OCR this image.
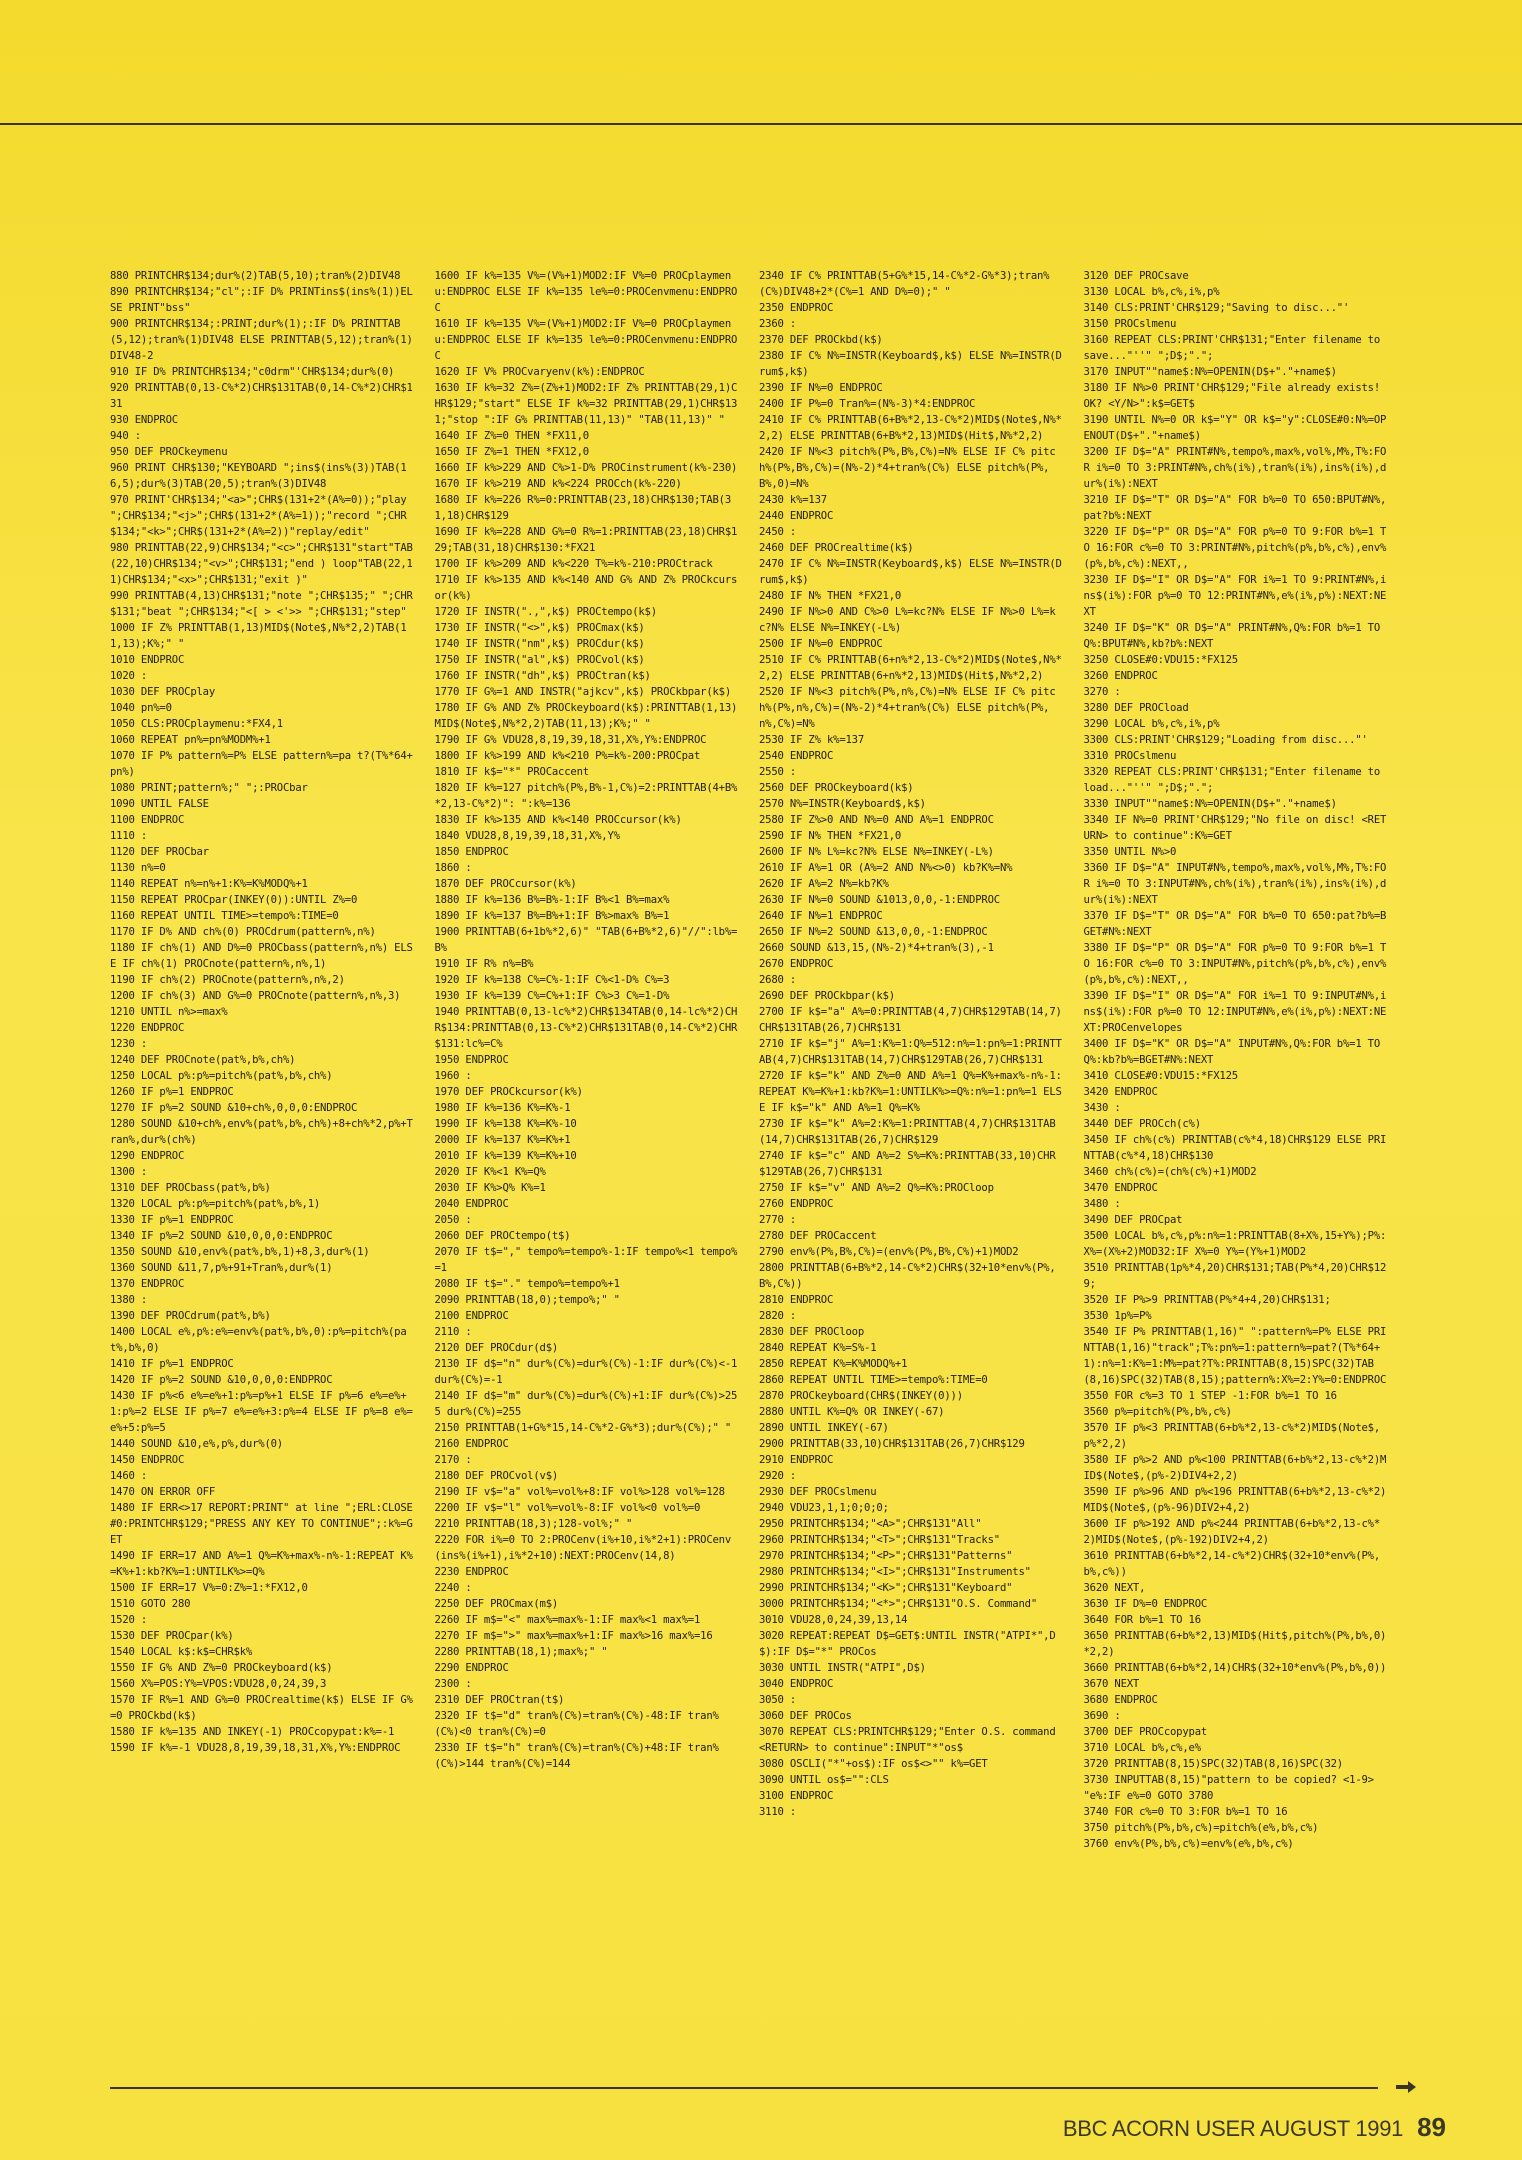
880 PRINTCHR$134;dur%(2)TAB(5,10);tran%(2)DIV48
890 PRINTCHR$134;"cl";:IF D% PRINTins$(ins%(1))ELSE PRINT"bss"
900 PRINTCHR$134;:PRINT;dur%(1);:IF D% PRINTTAB(5,12);tran%(1)DIV48 ELSE PRINTTAB(5,12);tran%(1)DIV48-2
910 IF D% PRINTCHR$134;"c0drm"'CHR$134;dur%(0)
920 PRINTTAB(0,13-C%*2)CHR$131TAB(0,14-C%*2)CHR$131
930 ENDPROC
940 :
950 DEF PROCkeymenu
960 PRINT CHR$130;"KEYBOARD ";ins$(ins%(3))TAB(16,5);dur%(3)TAB(20,5);tran%(3)DIV48
970 PRINT'CHR$134;"<a>";CHR$(131+2*(A%=0));"play ";CHR$134;"<j>";CHR$(131+2*(A%=1));"record ";CHR$134;"<k>";CHR$(131+2*(A%=2))"replay/edit"
980 PRINTTAB(22,9)CHR$134;"<c>";CHR$131"start"TAB(22,10)CHR$134;"<v>";CHR$131;"end ) loop"TAB(22,11)CHR$134;"<x>";CHR$131;"exit )"
990 PRINTTAB(4,13)CHR$131;"note ";CHR$135;" ";CHR$131;"beat ";CHR$134;"<[ > <'>> ";CHR$131;"step"
1000 IF Z% PRINTTAB(1,13)MID$(Note$,N%*2,2)TAB(11,13);K%;" "
1010 ENDPROC
1020 :
1030 DEF PROCplay
1040 pn%=0
1050 CLS:PROCplaymenu:*FX4,1
1060 REPEAT pn%=pn%MODM%+1
1070 IF P% pattern%=P% ELSE pattern%=pa t?(T%*64+pn%)
1080 PRINT;pattern%;" ";:PROCbar
1090 UNTIL FALSE
1100 ENDPROC
1110 :
1120 DEF PROCbar
1130 n%=0
1140 REPEAT n%=n%+1:K%=K%MODQ%+1
1150 REPEAT PROCpar(INKEY(0)):UNTIL Z%=0
1160 REPEAT UNTIL TIME>=tempo%:TIME=0
1170 IF D% AND ch%(0) PROCdrum(pattern%,n%)
1180 IF ch%(1) AND D%=0 PROCbass(pattern%,n%) ELSE IF ch%(1) PROCnote(pattern%,n%,1)
1190 IF ch%(2) PROCnote(pattern%,n%,2)
1200 IF ch%(3) AND G%=0 PROCnote(pattern%,n%,3)
1210 UNTIL n%>=max%
1220 ENDPROC
1230 :
1240 DEF PROCnote(pat%,b%,ch%)
1250 LOCAL p%:p%=pitch%(pat%,b%,ch%)
1260 IF p%=1 ENDPROC
1270 IF p%=2 SOUND &10+ch%,0,0,0:ENDPROC
1280 SOUND &10+ch%,env%(pat%,b%,ch%)+8+ch%*2,p%+Tran%,dur%(ch%)
1290 ENDPROC
1300 :
1310 DEF PROCbass(pat%,b%)
1320 LOCAL p%:p%=pitch%(pat%,b%,1)
1330 IF p%=1 ENDPROC
1340 IF p%=2 SOUND &10,0,0,0:ENDPROC
1350 SOUND &10,env%(pat%,b%,1)+8,3,dur%(1)
1360 SOUND &11,7,p%+91+Tran%,dur%(1)
1370 ENDPROC
1380 :
1390 DEF PROCdrum(pat%,b%)
1400 LOCAL e%,p%:e%=env%(pat%,b%,0):p%=pitch%(pat%,b%,0)
1410 IF p%=1 ENDPROC
1420 IF p%=2 SOUND &10,0,0,0:ENDPROC
1430 IF p%<6 e%=e%+1:p%=p%+1 ELSE IF p%=6 e%=e%+1:p%=2 ELSE IF p%=7 e%=e%+3:p%=4 ELSE IF p%=8 e%=e%+5:p%=5
1440 SOUND &10,e%,p%,dur%(0)
1450 ENDPROC
1460 :
1470 ON ERROR OFF
1480 IF ERR<>17 REPORT:PRINT" at line ";ERL:CLOSE#0:PRINTCHR$129;"PRESS ANY KEY TO CONTINUE";:k%=GET
1490 IF ERR=17 AND A%=1 Q%=K%+max%-n%-1:REPEAT K%=K%+1:kb?K%=1:UNTILK%>=Q%
1500 IF ERR=17 V%=0:Z%=1:*FX12,0
1510 GOTO 280
1520 :
1530 DEF PROCpar(k%)
1540 LOCAL k$:k$=CHR$k%
1550 IF G% AND Z%=0 PROCkeyboard(k$)
1560 X%=POS:Y%=VPOS:VDU28,0,24,39,3
1570 IF R%=1 AND G%=0 PROCrealtime(k$) ELSE IF G%=0 PROCkbd(k$)
1580 IF k%=135 AND INKEY(-1) PROCcopypat:k%=-1
1590 IF k%=-1 VDU28,8,19,39,18,31,X%,Y%:ENDPROC
1600 IF k%=135 V%=(V%+1)MOD2:IF V%=0 PROCplaymenu:ENDPROC ELSE IF k%=135 le%=0:PROCenvmenu:ENDPROC
1610 IF k%=135 V%=(V%+1)MOD2:IF V%=0 PROCplaymenu:ENDPROC ELSE IF k%=135 le%=0:PROCenvmenu:ENDPROC
1620 IF V% PROCvaryenv(k%):ENDPROC
1630 IF k%=32 Z%=(Z%+1)MOD2:IF Z% PRINTTAB(29,1)CHR$129;"start" ELSE IF k%=32 PRINTTAB(29,1)CHR$131;"stop ":IF G% PRINTTAB(11,13)" "TAB(11,13)" "
1640 IF Z%=0 THEN *FX11,0
1650 IF Z%=1 THEN *FX12,0
1660 IF k%>229 AND C%>1-D% PROCinstrument(k%-230)
1670 IF k%>219 AND k%<224 PROCch(k%-220)
1680 IF k%=226 R%=0:PRINTTAB(23,18)CHR$130;TAB(31,18)CHR$129
1690 IF k%=228 AND G%=0 R%=1:PRINTTAB(23,18)CHR$129;TAB(31,18)CHR$130:*FX21
1700 IF k%>209 AND k%<220 T%=k%-210:PROCtrack
1710 IF k%>135 AND k%<140 AND G% AND Z% PROCkcursor(k%)
1720 IF INSTR(".,",k$) PROCtempo(k$)
1730 IF INSTR("<>",k$) PROCmax(k$)
1740 IF INSTR("nm",k$) PROCdur(k$)
1750 IF INSTR("al",k$) PROCvol(k$)
1760 IF INSTR("dh",k$) PROCtran(k$)
1770 IF G%=1 AND INSTR("ajkcv",k$) PROCkbpar(k$)
1780 IF G% AND Z% PROCkeyboard(k$):PRINTTAB(1,13)MID$(Note$,N%*2,2)TAB(11,13);K%;" "
1790 IF G% VDU28,8,19,39,18,31,X%,Y%:ENDPROC
1800 IF k%>199 AND k%<210 P%=k%-200:PROCpat
1810 IF k$="*" PROCaccent
1820 IF k%=127 pitch%(P%,B%-1,C%)=2:PRINTTAB(4+B%*2,13-C%*2)": ":k%=136
1830 IF k%>135 AND k%<140 PROCcursor(k%)
1840 VDU28,8,19,39,18,31,X%,Y%
1850 ENDPROC
1860 :
1870 DEF PROCcursor(k%)
1880 IF k%=136 B%=B%-1:IF B%<1 B%=max%
1890 IF k%=137 B%=B%+1:IF B%>max% B%=1
1900 PRINTTAB(6+1b%*2,6)" "TAB(6+B%*2,6)"//":lb%=B%
1910 IF R% n%=B%
1920 IF k%=138 C%=C%-1:IF C%<1-D% C%=3
1930 IF k%=139 C%=C%+1:IF C%>3 C%=1-D%
1940 PRINTTAB(0,13-lc%*2)CHR$134TAB(0,14-lc%*2)CHR$134:PRINTTAB(0,13-C%*2)CHR$131TAB(0,14-C%*2)CHR$131:lc%=C%
1950 ENDPROC
1960 :
1970 DEF PROCkcursor(k%)
1980 IF k%=136 K%=K%-1
1990 IF k%=138 K%=K%-10
2000 IF k%=137 K%=K%+1
2010 IF k%=139 K%=K%+10
2020 IF K%<1 K%=Q%
2030 IF K%>Q% K%=1
2040 ENDPROC
2050 :
2060 DEF PROCtempo(t$)
2070 IF t$="," tempo%=tempo%-1:IF tempo%<1 tempo%=1
2080 IF t$="." tempo%=tempo%+1
2090 PRINTTAB(18,0);tempo%;" "
2100 ENDPROC
2110 :
2120 DEF PROCdur(d$)
2130 IF d$="n" dur%(C%)=dur%(C%)-1:IF dur%(C%)<-1 dur%(C%)=-1
2140 IF d$="m" dur%(C%)=dur%(C%)+1:IF dur%(C%)>255 dur%(C%)=255
2150 PRINTTAB(1+G%*15,14-C%*2-G%*3);dur%(C%);" "
2160 ENDPROC
2170 :
2180 DEF PROCvol(v$)
2190 IF v$="a" vol%=vol%+8:IF vol%>128 vol%=128
2200 IF v$="l" vol%=vol%-8:IF vol%<0 vol%=0
2210 PRINTTAB(18,3);128-vol%;" "
2220 FOR i%=0 TO 2:PROCenv(i%+10,i%*2+1):PROCenv(ins%(i%+1),i%*2+10):NEXT:PROCenv(14,8)
2230 ENDPROC
2240 :
2250 DEF PROCmax(m$)
2260 IF m$="<" max%=max%-1:IF max%<1 max%=1
2270 IF m$=">" max%=max%+1:IF max%>16 max%=16
2280 PRINTTAB(18,1);max%;" "
2290 ENDPROC
2300 :
2310 DEF PROCtran(t$)
2320 IF t$="d" tran%(C%)=tran%(C%)-48:IF tran%(C%)<0 tran%(C%)=0
2330 IF t$="h" tran%(C%)=tran%(C%)+48:IF tran%(C%)>144 tran%(C%)=144
2340 IF C% PRINTTAB(5+G%*15,14-C%*2-G%*3);tran%(C%)DIV48+2*(C%=1 AND D%=0);" "
2350 ENDPROC
2360 :
2370 DEF PROCkbd(k$)
2380 IF C% N%=INSTR(Keyboard$,k$) ELSE N%=INSTR(Drum$,k$)
2390 IF N%=0 ENDPROC
2400 IF P%=0 Tran%=(N%-3)*4:ENDPROC
2410 IF C% PRINTTAB(6+B%*2,13-C%*2)MID$(Note$,N%*2,2) ELSE PRINTTAB(6+B%*2,13)MID$(Hit$,N%*2,2)
2420 IF N%<3 pitch%(P%,B%,C%)=N% ELSE IF C% pitch%(P%,B%,C%)=(N%-2)*4+tran%(C%) ELSE pitch%(P%,B%,0)=N%
2430 k%=137
2440 ENDPROC
2450 :
2460 DEF PROCrealtime(k$)
2470 IF C% N%=INSTR(Keyboard$,k$) ELSE N%=INSTR(Drum$,k$)
2480 IF N% THEN *FX21,0
2490 IF N%>0 AND C%>0 L%=kc?N% ELSE IF N%>0 L%=kc?N% ELSE N%=INKEY(-L%)
2500 IF N%=0 ENDPROC
2510 IF C% PRINTTAB(6+n%*2,13-C%*2)MID$(Note$,N%*2,2) ELSE PRINTTAB(6+n%*2,13)MID$(Hit$,N%*2,2)
2520 IF N%<3 pitch%(P%,n%,C%)=N% ELSE IF C% pitch%(P%,n%,C%)=(N%-2)*4+tran%(C%) ELSE pitch%(P%,n%,C%)=N%
2530 IF Z% k%=137
2540 ENDPROC
2550 :
2560 DEF PROCkeyboard(k$)
2570 N%=INSTR(Keyboard$,k$)
2580 IF Z%>0 AND N%=0 AND A%=1 ENDPROC
2590 IF N% THEN *FX21,0
2600 IF N% L%=kc?N% ELSE N%=INKEY(-L%)
2610 IF A%=1 OR (A%=2 AND N%<>0) kb?K%=N%
2620 IF A%=2 N%=kb?K%
2630 IF N%=0 SOUND &1013,0,0,-1:ENDPROC
2640 IF N%=1 ENDPROC
2650 IF N%=2 SOUND &13,0,0,-1:ENDPROC
2660 SOUND &13,15,(N%-2)*4+tran%(3),-1
2670 ENDPROC
2680 :
2690 DEF PROCkbpar(k$)
2700 IF k$="a" A%=0:PRINTTAB(4,7)CHR$129TAB(14,7)CHR$131TAB(26,7)CHR$131
2710 IF k$="j" A%=1:K%=1:Q%=512:n%=1:pn%=1:PRINTTAB(4,7)CHR$131TAB(14,7)CHR$129TAB(26,7)CHR$131
2720 IF k$="k" AND Z%=0 AND A%=1 Q%=K%+max%-n%-1:REPEAT K%=K%+1:kb?K%=1:UNTILK%>=Q%:n%=1:pn%=1 ELSE IF k$="k" AND A%=1 Q%=K%
2730 IF k$="k" A%=2:K%=1:PRINTTAB(4,7)CHR$131TAB(14,7)CHR$131TAB(26,7)CHR$129
2740 IF k$="c" AND A%=2 S%=K%:PRINTTAB(33,10)CHR$129TAB(26,7)CHR$131
2750 IF k$="v" AND A%=2 Q%=K%:PROCloop
2760 ENDPROC
2770 :
2780 DEF PROCaccent
2790 env%(P%,B%,C%)=(env%(P%,B%,C%)+1)MOD2
2800 PRINTTAB(6+B%*2,14-C%*2)CHR$(32+10*env%(P%,B%,C%))
2810 ENDPROC
2820 :
2830 DEF PROCloop
2840 REPEAT K%=S%-1
2850 REPEAT K%=K%MODQ%+1
2860 REPEAT UNTIL TIME>=tempo%:TIME=0
2870 PROCkeyboard(CHR$(INKEY(0)))
2880 UNTIL K%=Q% OR INKEY(-67)
2890 UNTIL INKEY(-67)
2900 PRINTTAB(33,10)CHR$131TAB(26,7)CHR$129
2910 ENDPROC
2920 :
2930 DEF PROCslmenu
2940 VDU23,1,1;0;0;0;
2950 PRINTCHR$134;"<A>";CHR$131"All"
2960 PRINTCHR$134;"<T>";CHR$131"Tracks"
2970 PRINTCHR$134;"<P>";CHR$131"Patterns"
2980 PRINTCHR$134;"<I>";CHR$131"Instruments"
2990 PRINTCHR$134;"<K>";CHR$131"Keyboard"
3000 PRINTCHR$134;"<*>";CHR$131"O.S. Command"
3010 VDU28,0,24,39,13,14
3020 REPEAT:REPEAT D$=GET$:UNTIL INSTR("ATPI*",D$):IF D$="*" PROCos
3030 UNTIL INSTR("ATPI",D$)
3040 ENDPROC
3050 :
3060 DEF PROCos
3070 REPEAT CLS:PRINTCHR$129;"Enter O.S. command <RETURN> to continue":INPUT"*"os$
3080 OSCLI("*"+os$):IF os$<>"" k%=GET
3090 UNTIL os$="":CLS
3100 ENDPROC
3110 :
3120 DEF PROCsave
3130 LOCAL b%,c%,i%,p%
3140 CLS:PRINT'CHR$129;"Saving to disc..."'
3150 PROCslmenu
3160 REPEAT CLS:PRINT'CHR$131;"Enter filename to save..."''" ";D$;".";
3170 INPUT""name$:N%=OPENIN(D$+"."+name$)
3180 IF N%>0 PRINT'CHR$129;"File already exists! OK? <Y/N>":k$=GET$
3190 UNTIL N%=0 OR k$="Y" OR k$="y":CLOSE#0:N%=OPENOUT(D$+"."+name$)
3200 IF D$="A" PRINT#N%,tempo%,max%,vol%,M%,T%:FOR i%=0 TO 3:PRINT#N%,ch%(i%),tran%(i%),ins%(i%),dur%(i%):NEXT
3210 IF D$="T" OR D$="A" FOR b%=0 TO 650:BPUT#N%,pat?b%:NEXT
3220 IF D$="P" OR D$="A" FOR p%=0 TO 9:FOR b%=1 TO 16:FOR c%=0 TO 3:PRINT#N%,pitch%(p%,b%,c%),env%(p%,b%,c%):NEXT,,
3230 IF D$="I" OR D$="A" FOR i%=1 TO 9:PRINT#N%,ins$(i%):FOR p%=0 TO 12:PRINT#N%,e%(i%,p%):NEXT:NEXT
3240 IF D$="K" OR D$="A" PRINT#N%,Q%:FOR b%=1 TO Q%:BPUT#N%,kb?b%:NEXT
3250 CLOSE#0:VDU15:*FX125
3260 ENDPROC
3270 :
3280 DEF PROCload
3290 LOCAL b%,c%,i%,p%
3300 CLS:PRINT'CHR$129;"Loading from disc..."'
3310 PROCslmenu
3320 REPEAT CLS:PRINT'CHR$131;"Enter filename to load..."''" ";D$;".";
3330 INPUT""name$:N%=OPENIN(D$+"."+name$)
3340 IF N%=0 PRINT'CHR$129;"No file on disc! <RETURN> to continue":K%=GET
3350 UNTIL N%>0
3360 IF D$="A" INPUT#N%,tempo%,max%,vol%,M%,T%:FOR i%=0 TO 3:INPUT#N%,ch%(i%),tran%(i%),ins%(i%),dur%(i%):NEXT
3370 IF D$="T" OR D$="A" FOR b%=0 TO 650:pat?b%=BGET#N%:NEXT
3380 IF D$="P" OR D$="A" FOR p%=0 TO 9:FOR b%=1 TO 16:FOR c%=0 TO 3:INPUT#N%,pitch%(p%,b%,c%),env%(p%,b%,c%):NEXT,,
3390 IF D$="I" OR D$="A" FOR i%=1 TO 9:INPUT#N%,ins$(i%):FOR p%=0 TO 12:INPUT#N%,e%(i%,p%):NEXT:NEXT:PROCenvelopes
3400 IF D$="K" OR D$="A" INPUT#N%,Q%:FOR b%=1 TO Q%:kb?b%=BGET#N%:NEXT
3410 CLOSE#0:VDU15:*FX125
3420 ENDPROC
3430 :
3440 DEF PROCch(c%)
3450 IF ch%(c%) PRINTTAB(c%*4,18)CHR$129 ELSE PRINTTAB(c%*4,18)CHR$130
3460 ch%(c%)=(ch%(c%)+1)MOD2
3470 ENDPROC
3480 :
3490 DEF PROCpat
3500 LOCAL b%,c%,p%:n%=1:PRINTTAB(8+X%,15+Y%);P%:X%=(X%+2)MOD32:IF X%=0 Y%=(Y%+1)MOD2
3510 PRINTTAB(1p%*4,20)CHR$131;TAB(P%*4,20)CHR$129;
3520 IF P%>9 PRINTTAB(P%*4+4,20)CHR$131;
3530 1p%=P%
3540 IF P% PRINTTAB(1,16)" ":pattern%=P% ELSE PRINTTAB(1,16)"track";T%:pn%=1:pattern%=pat?(T%*64+1):n%=1:K%=1:M%=pat?T%:PRINTTAB(8,15)SPC(32)TAB(8,16)SPC(32)TAB(8,15);pattern%:X%=2:Y%=0:ENDPROC
3550 FOR c%=3 TO 1 STEP -1:FOR b%=1 TO 16
3560 p%=pitch%(P%,b%,c%)
3570 IF p%<3 PRINTTAB(6+b%*2,13-c%*2)MID$(Note$,p%*2,2)
3580 IF p%>2 AND p%<100 PRINTTAB(6+b%*2,13-c%*2)MID$(Note$,(p%-2)DIV4+2,2)
3590 IF p%>96 AND p%<196 PRINTTAB(6+b%*2,13-c%*2)MID$(Note$,(p%-96)DIV2+4,2)
3600 IF p%>192 AND p%<244 PRINTTAB(6+b%*2,13-c%*2)MID$(Note$,(p%-192)DIV2+4,2)
3610 PRINTTAB(6+b%*2,14-c%*2)CHR$(32+10*env%(P%,b%,c%))
3620 NEXT,
3630 IF D%=0 ENDPROC
3640 FOR b%=1 TO 16
3650 PRINTTAB(6+b%*2,13)MID$(Hit$,pitch%(P%,b%,0)*2,2)
3660 PRINTTAB(6+b%*2,14)CHR$(32+10*env%(P%,b%,0))
3670 NEXT
3680 ENDPROC
3690 :
3700 DEF PROCcopypat
3710 LOCAL b%,c%,e%
3720 PRINTTAB(8,15)SPC(32)TAB(8,16)SPC(32)
3730 INPUTTAB(8,15)"pattern to be copied? <1-9> "e%:IF e%=0 GOTO 3780
3740 FOR c%=0 TO 3:FOR b%=1 TO 16
3750 pitch%(P%,b%,c%)=pitch%(e%,b%,c%)
3760 env%(P%,b%,c%)=env%(e%,b%,c%)
BBC ACORN USER AUGUST 1991 89
